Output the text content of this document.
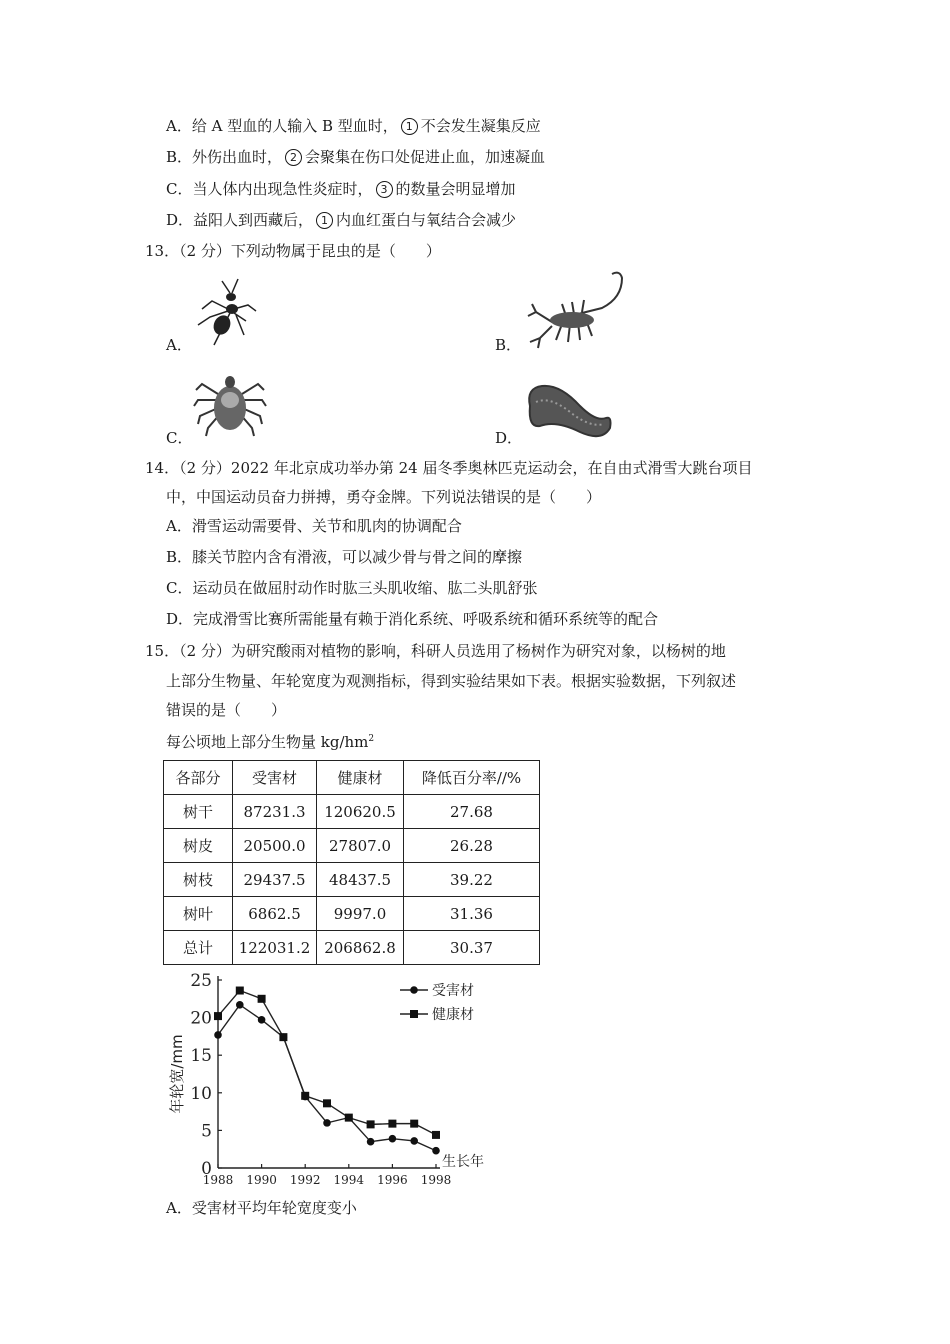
A．给 A 型血的人输入 B 型血时， 1 不会发生凝集反应
B．外伤出血时， 2 会聚集在伤口处促进止血，加速凝血
C．当人体内出现急性炎症时， 3 的数量会明显增加
D．益阳人到西藏后， 1 内血红蛋白与氧结合会减少
13．（2 分）下列动物属于昆虫的是（　　）
A．	B．
C．	D．
14．（2 分）2022 年北京成功举办第 24 届冬季奥林匹克运动会，在自由式滑雪大跳台项目
中，中国运动员奋力拼搏，勇夺金牌。下列说法错误的是（　　）
A．滑雪运动需要骨、关节和肌肉的协调配合
B．膝关节腔内含有滑液，可以减少骨与骨之间的摩擦
C．运动员在做屈肘动作时肱三头肌收缩、肱二头肌舒张
D．完成滑雪比赛所需能量有赖于消化系统、呼吸系统和循环系统等的配合
15．（2 分）为研究酸雨对植物的影响，科研人员选用了杨树作为研究对象，以杨树的地
上部分生物量、年轮宽度为观测指标，得到实验结果如下表。根据实验数据，下列叙述
错误的是（　　）
每公顷地上部分生物量 $kg/hm^2$
各部分	受害材	健康材	降低百分率//%
树干	87231.3	120620.5	27.68
树皮	20500.0	27807.0	26.28
树枝	29437.5	48437.5	39.22
树叶	6862.5	9997.0	31.36
总计	122031.2	206862.8	30.37
0
5
10
15
20
25
1988 1990 1992 1994 1996 1998
受害材
健康材
年轮宽/mm
生长年
A．受害材平均年轮宽度变小
